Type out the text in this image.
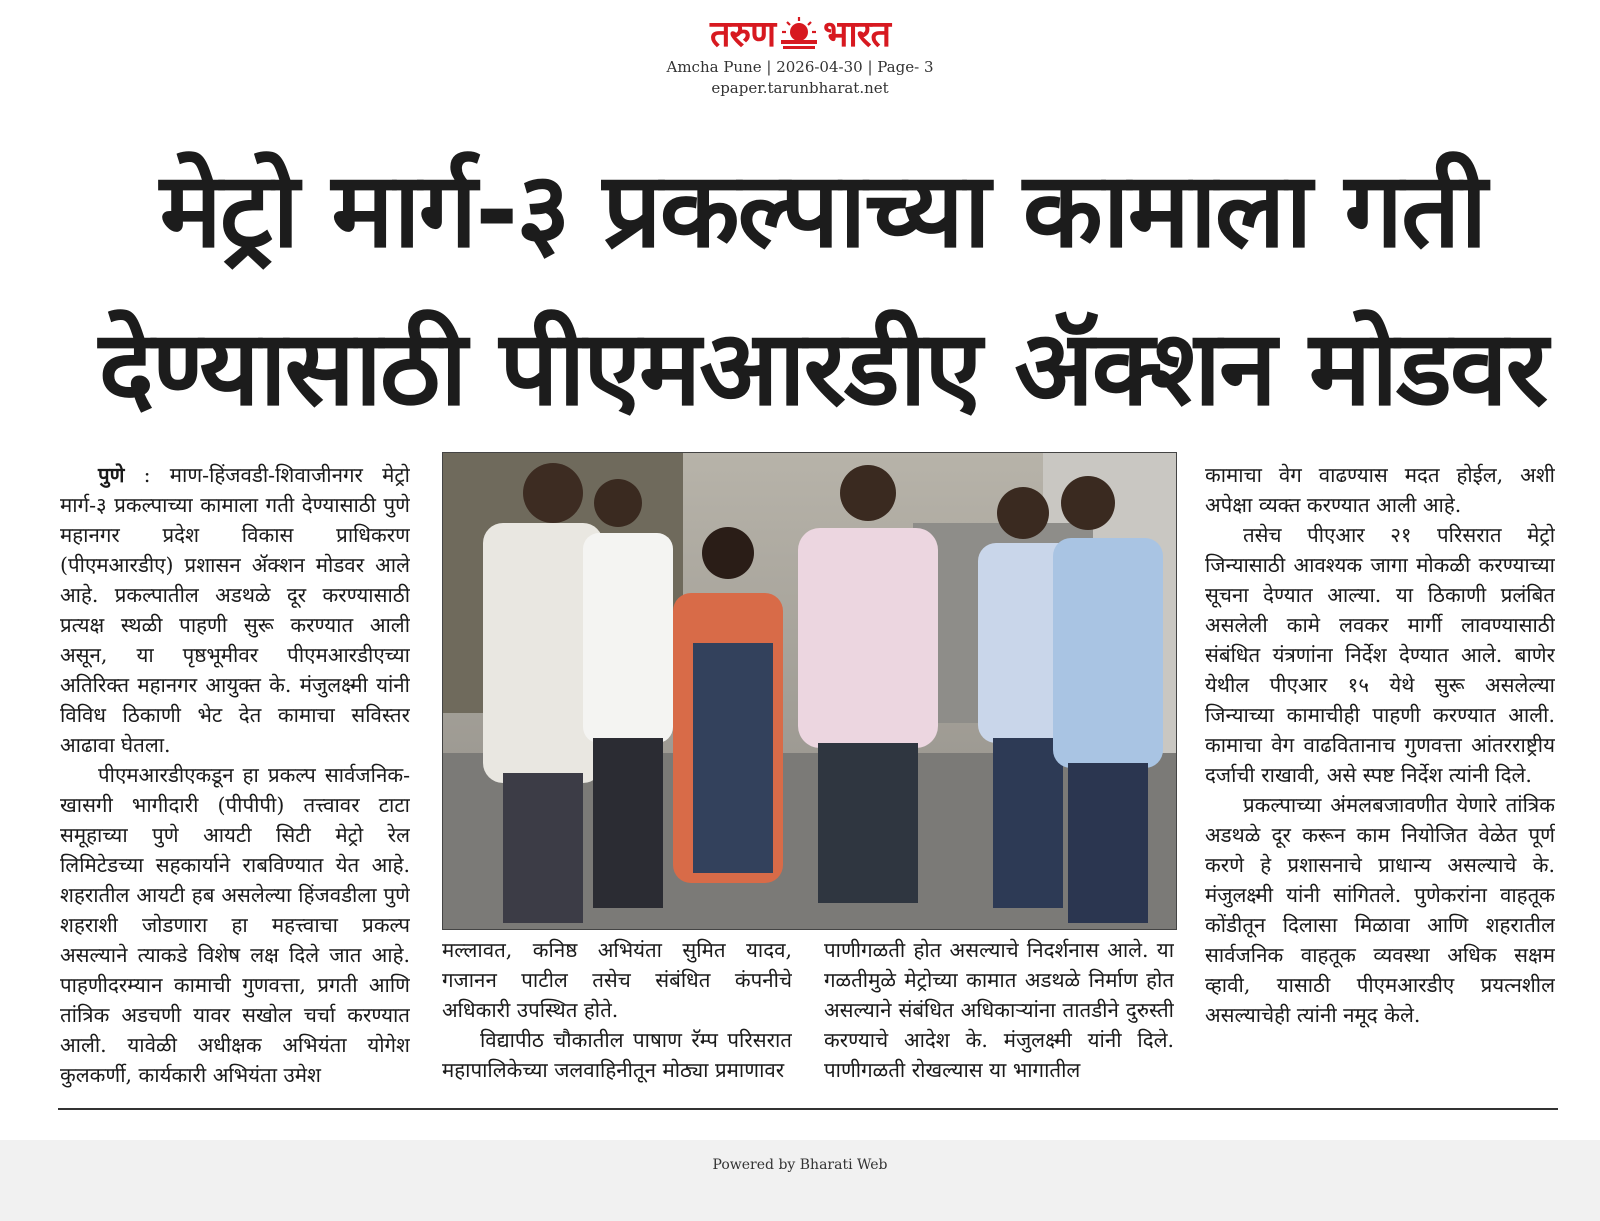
तरुण भारत
Amcha Pune | 2026-04-30 | Page- 3
epaper.tarunbharat.net
मेट्रो मार्ग-३ प्रकल्पाच्या कामाला गती
देण्यासाठी पीएमआरडीए ॲक्शन मोडवर

पुणे : माण-हिंजवडी-शिवाजीनगर मेट्रो मार्ग-३ प्रकल्पाच्या कामाला गती देण्यासाठी पुणे महानगर प्रदेश विकास प्राधिकरण (पीएमआरडीए) प्रशासन ॲक्शन मोडवर आले आहे. प्रकल्पातील अडथळे दूर करण्यासाठी प्रत्यक्ष स्थळी पाहणी सुरू करण्यात आली असून, या पृष्ठभूमीवर पीएमआरडीएच्या अतिरिक्त महानगर आयुक्त के. मंजुलक्ष्मी यांनी विविध ठिकाणी भेट देत कामाचा सविस्तर आढावा घेतला.

पीएमआरडीएकडून हा प्रकल्प सार्वजनिक-खासगी भागीदारी (पीपीपी) तत्त्वावर टाटा समूहाच्या पुणे आयटी सिटी मेट्रो रेल लिमिटेडच्या सहकार्याने राबविण्यात येत आहे. शहरातील आयटी हब असलेल्या हिंजवडीला पुणे शहराशी जोडणारा हा महत्त्वाचा प्रकल्प असल्याने त्याकडे विशेष लक्ष दिले जात आहे. पाहणीदरम्यान कामाची गुणवत्ता, प्रगती आणि तांत्रिक अडचणी यावर सखोल चर्चा करण्यात आली. यावेळी अधीक्षक अभियंता योगेश कुलकर्णी, कार्यकारी अभियंता उमेश

मल्लावत, कनिष्ठ अभियंता सुमित यादव, गजानन पाटील तसेच संबंधित कंपनीचे अधिकारी उपस्थित होते.

विद्यापीठ चौकातील पाषाण रॅम्प परिसरात महापालिकेच्या जलवाहिनीतून मोठ्या प्रमाणावर

पाणीगळती होत असल्याचे निदर्शनास आले. या गळतीमुळे मेट्रोच्या कामात अडथळे निर्माण होत असल्याने संबंधित अधिकाऱ्यांना तातडीने दुरुस्ती करण्याचे आदेश के. मंजुलक्ष्मी यांनी दिले. पाणीगळती रोखल्यास या भागातील

कामाचा वेग वाढण्यास मदत होईल, अशी अपेक्षा व्यक्त करण्यात आली आहे.

तसेच पीएआर २१ परिसरात मेट्रो जिन्यासाठी आवश्यक जागा मोकळी करण्याच्या सूचना देण्यात आल्या. या ठिकाणी प्रलंबित असलेली कामे लवकर मार्गी लावण्यासाठी संबंधित यंत्रणांना निर्देश देण्यात आले. बाणेर येथील पीएआर १५ येथे सुरू असलेल्या जिन्याच्या कामाचीही पाहणी करण्यात आली. कामाचा वेग वाढवितानाच गुणवत्ता आंतरराष्ट्रीय दर्जाची राखावी, असे स्पष्ट निर्देश त्यांनी दिले.

प्रकल्पाच्या अंमलबजावणीत येणारे तांत्रिक अडथळे दूर करून काम नियोजित वेळेत पूर्ण करणे हे प्रशासनाचे प्राधान्य असल्याचे के. मंजुलक्ष्मी यांनी सांगितले. पुणेकरांना वाहतूक कोंडीतून दिलासा मिळावा आणि शहरातील सार्वजनिक वाहतूक व्यवस्था अधिक सक्षम व्हावी, यासाठी पीएमआरडीए प्रयत्नशील असल्याचेही त्यांनी नमूद केले.

Powered by Bharati Web
